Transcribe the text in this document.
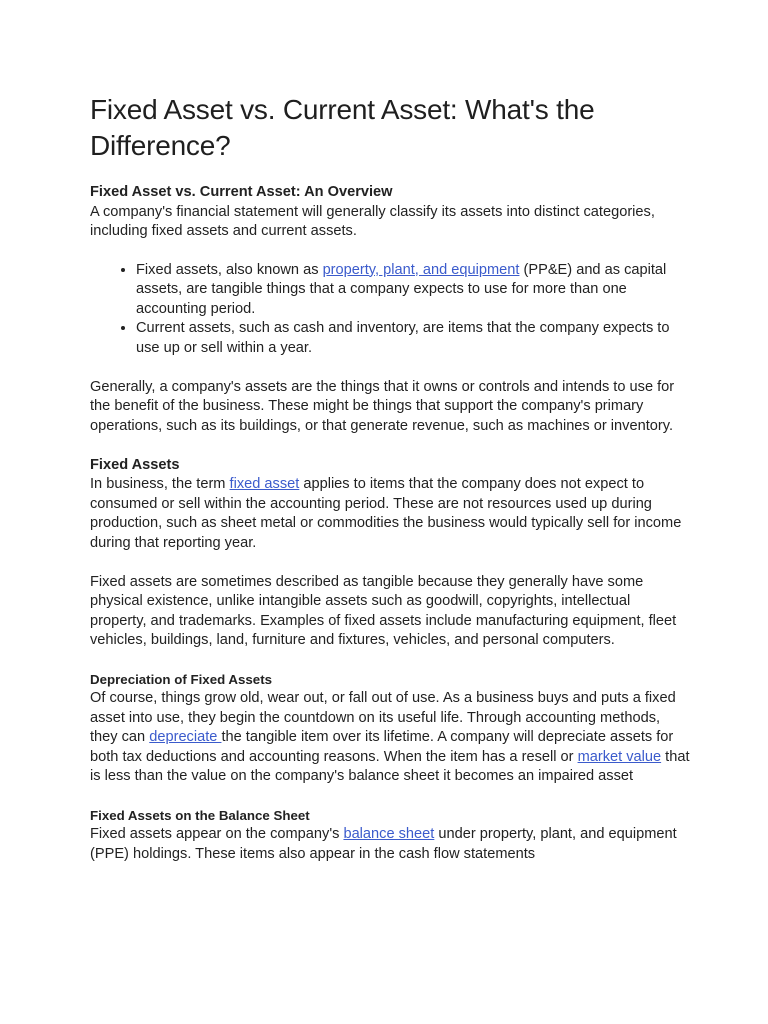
Fixed Asset vs. Current Asset: What's the Difference?
Fixed Asset vs. Current Asset: An Overview

A company's financial statement will generally classify its assets into distinct categories, including fixed assets and current assets.

• Fixed assets, also known as property, plant, and equipment (PP&E) and as capital assets, are tangible things that a company expects to use for more than one accounting period.
• Current assets, such as cash and inventory, are items that the company expects to use up or sell within a year.

Generally, a company's assets are the things that it owns or controls and intends to use for the benefit of the business. These might be things that support the company's primary operations, such as its buildings, or that generate revenue, such as machines or inventory.

Fixed Assets

In business, the term fixed asset applies to items that the company does not expect to consumed or sell within the accounting period. These are not resources used up during production, such as sheet metal or commodities the business would typically sell for income during that reporting year.

Fixed assets are sometimes described as tangible because they generally have some physical existence, unlike intangible assets such as goodwill, copyrights, intellectual property, and trademarks. Examples of fixed assets include manufacturing equipment, fleet vehicles, buildings, land, furniture and fixtures, vehicles, and personal computers.

Depreciation of Fixed Assets

Of course, things grow old, wear out, or fall out of use. As a business buys and puts a fixed asset into use, they begin the countdown on its useful life. Through accounting methods, they can depreciate the tangible item over its lifetime. A company will depreciate assets for both tax deductions and accounting reasons. When the item has a resell or market value that is less than the value on the company's balance sheet it becomes an impaired asset

Fixed Assets on the Balance Sheet

Fixed assets appear on the company's balance sheet under property, plant, and equipment (PPE) holdings. These items also appear in the cash flow statements
